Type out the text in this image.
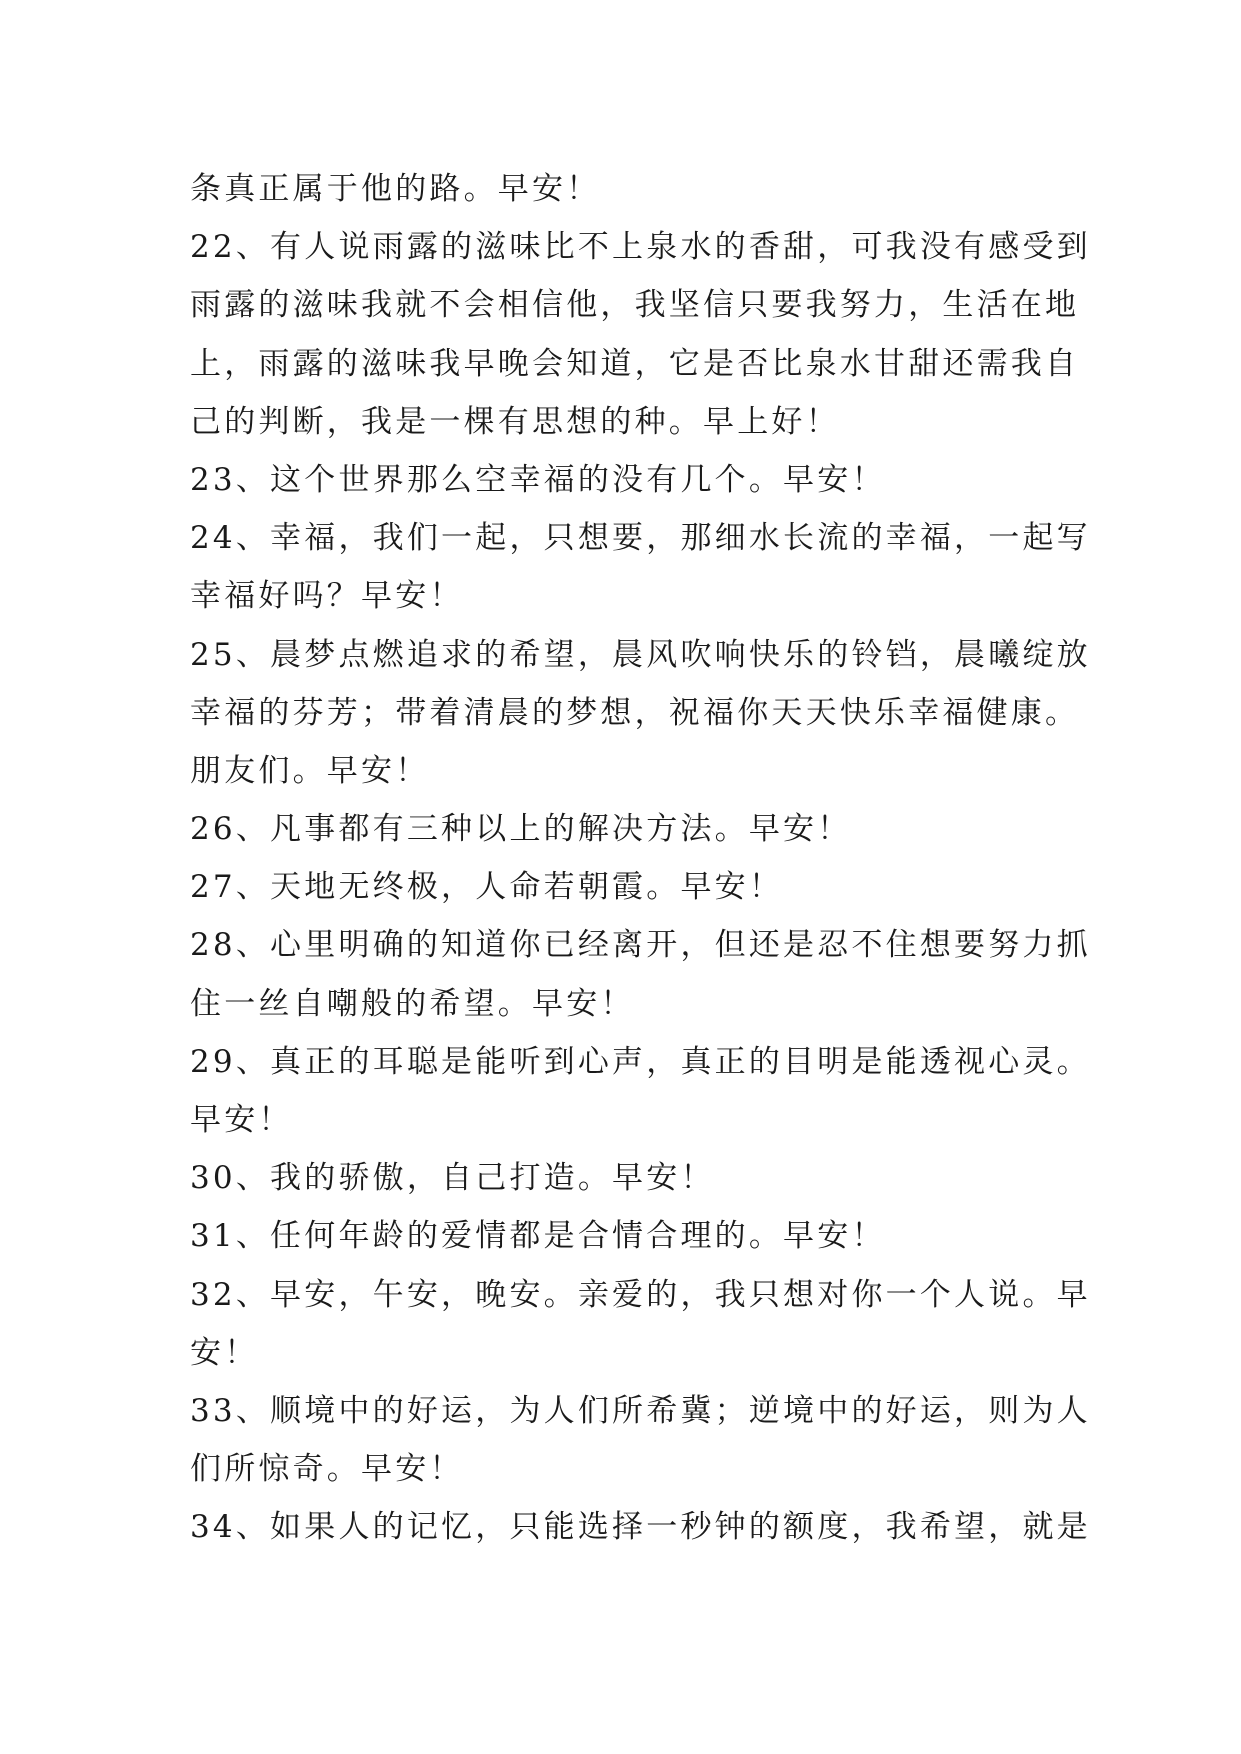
条真正属于他的路。早安！
22、有人说雨露的滋味比不上泉水的香甜，可我没有感受到
雨露的滋味我就不会相信他，我坚信只要我努力，生活在地
上，雨露的滋味我早晚会知道，它是否比泉水甘甜还需我自
己的判断，我是一棵有思想的种。早上好！
23、这个世界那么空幸福的没有几个。早安！
24、幸福，我们一起，只想要，那细水长流的幸福，一起写
幸福好吗？早安！
25、晨梦点燃追求的希望，晨风吹响快乐的铃铛，晨曦绽放
幸福的芬芳；带着清晨的梦想，祝福你天天快乐幸福健康。
朋友们。早安！
26、凡事都有三种以上的解决方法。早安！
27、天地无终极，人命若朝霞。早安！
28、心里明确的知道你已经离开，但还是忍不住想要努力抓
住一丝自嘲般的希望。早安！
29、真正的耳聪是能听到心声，真正的目明是能透视心灵。
早安！
30、我的骄傲，自己打造。早安！
31、任何年龄的爱情都是合情合理的。早安！
32、早安，午安，晚安。亲爱的，我只想对你一个人说。早
安！
33、顺境中的好运，为人们所希冀；逆境中的好运，则为人
们所惊奇。早安！
34、如果人的记忆，只能选择一秒钟的额度，我希望，就是
